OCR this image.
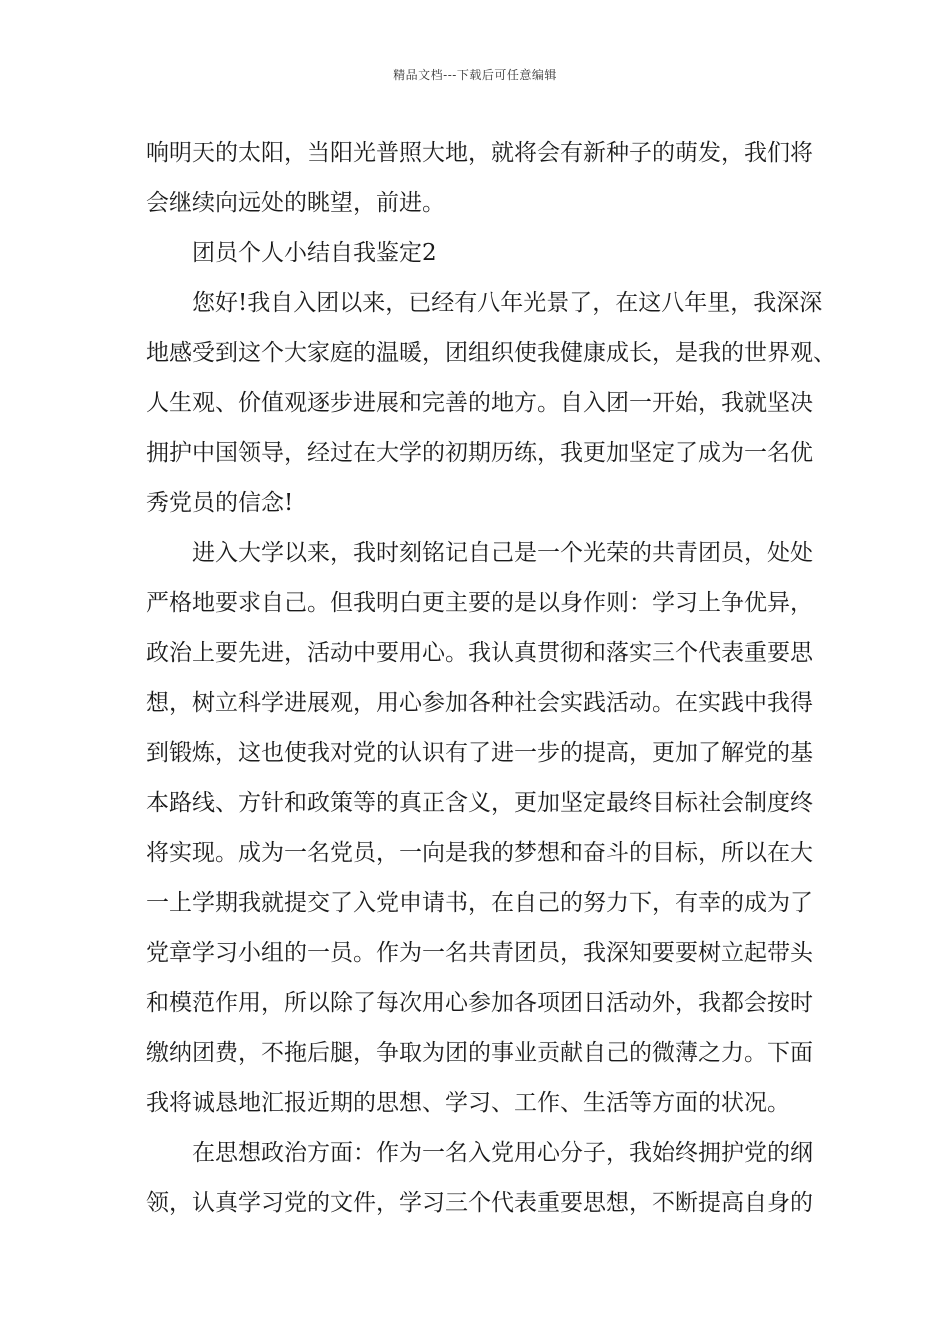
精品文档---下载后可任意编辑
响明天的太阳，当阳光普照大地，就将会有新种子的萌发，我们将
会继续向远处的眺望，前进。
团员个人小结自我鉴定2
您好!我自入团以来，已经有八年光景了，在这八年里，我深深
地感受到这个大家庭的温暖，团组织使我健康成长，是我的世界观、
人生观、价值观逐步进展和完善的地方。自入团一开始，我就坚决
拥护中国领导，经过在大学的初期历练，我更加坚定了成为一名优
秀党员的信念!
进入大学以来，我时刻铭记自己是一个光荣的共青团员，处处
严格地要求自己。但我明白更主要的是以身作则：学习上争优异，
政治上要先进，活动中要用心。我认真贯彻和落实三个代表重要思
想，树立科学进展观，用心参加各种社会实践活动。在实践中我得
到锻炼，这也使我对党的认识有了进一步的提高，更加了解党的基
本路线、方针和政策等的真正含义，更加坚定最终目标社会制度终
将实现。成为一名党员，一向是我的梦想和奋斗的目标，所以在大
一上学期我就提交了入党申请书，在自己的努力下，有幸的成为了
党章学习小组的一员。作为一名共青团员，我深知要要树立起带头
和模范作用，所以除了每次用心参加各项团日活动外，我都会按时
缴纳团费，不拖后腿，争取为团的事业贡献自己的微薄之力。下面
我将诚恳地汇报近期的思想、学习、工作、生活等方面的状况。
在思想政治方面：作为一名入党用心分子，我始终拥护党的纲
领，认真学习党的文件，学习三个代表重要思想，不断提高自身的
